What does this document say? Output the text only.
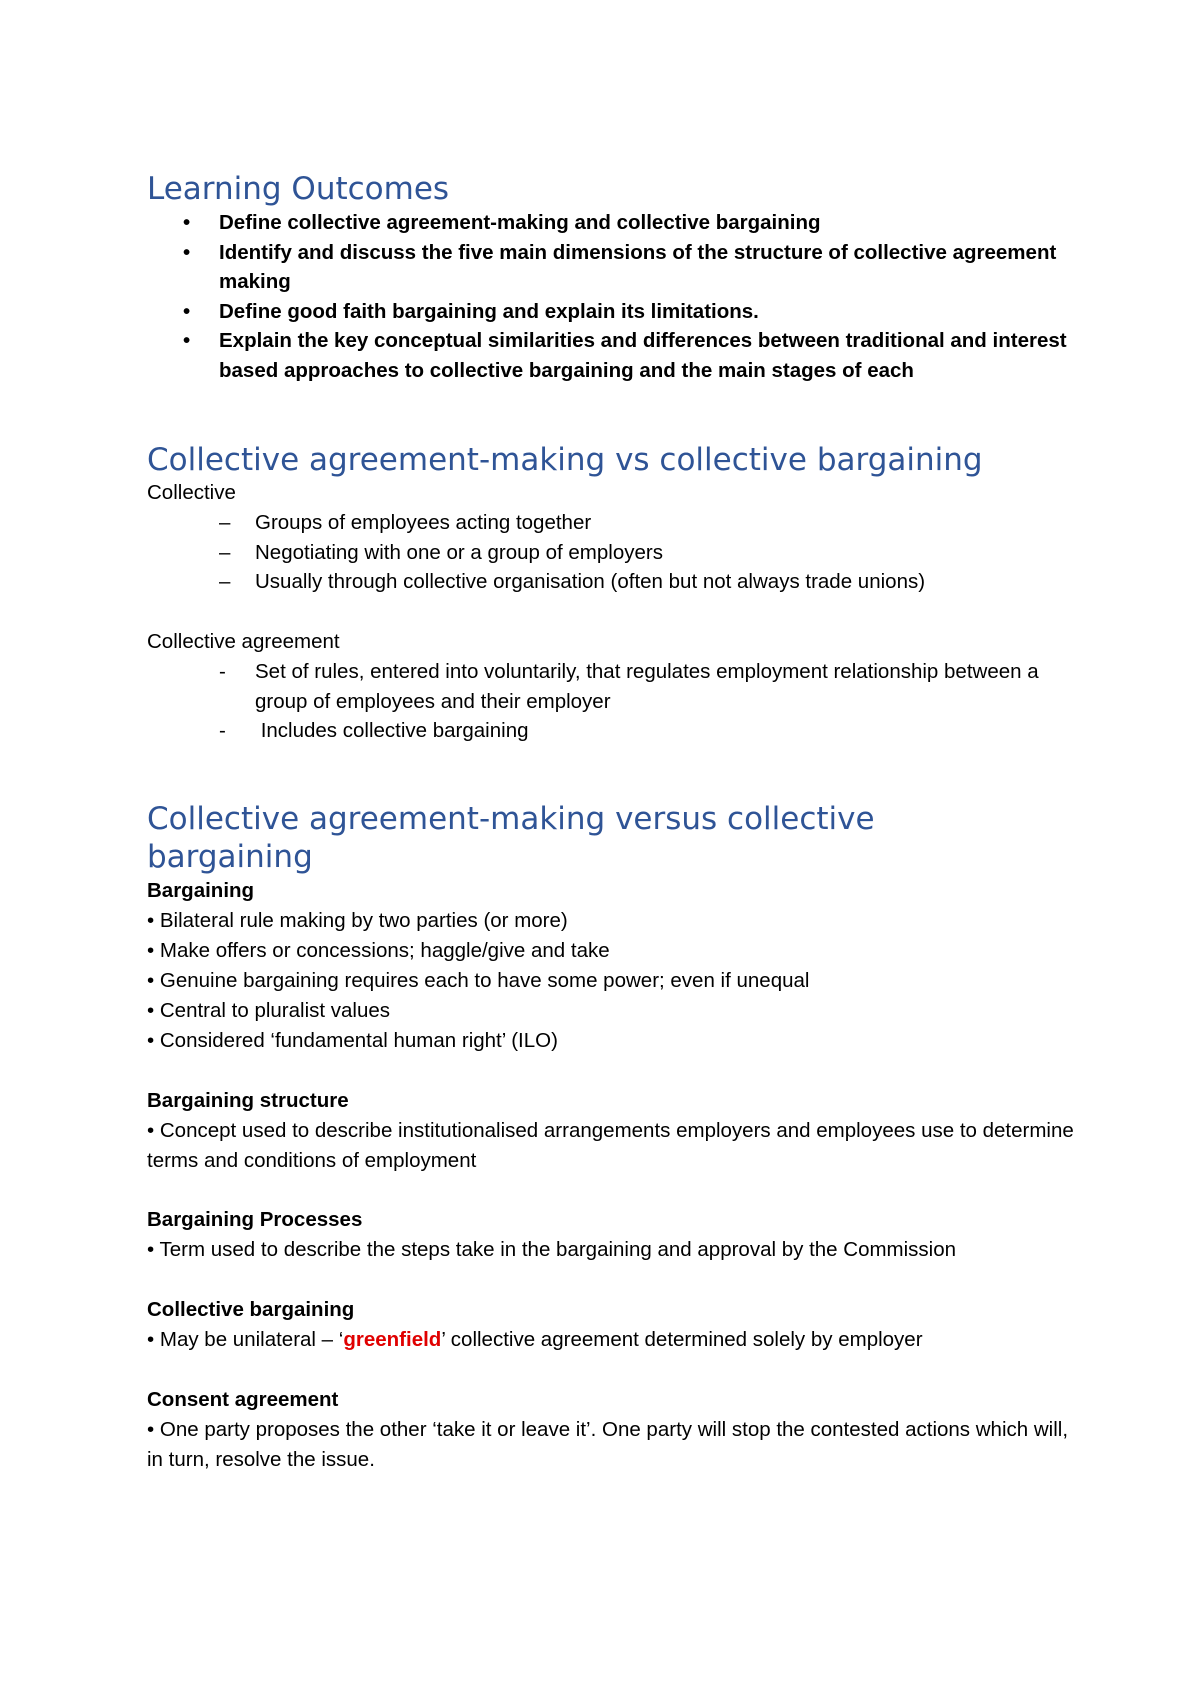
Learning Outcomes
• Define collective agreement-making and collective bargaining
• Identify and discuss the five main dimensions of the structure of collective agreement making
• Define good faith bargaining and explain its limitations.
• Explain the key conceptual similarities and differences between traditional and interest based approaches to collective bargaining and the main stages of each
Collective agreement-making vs collective bargaining

Collective

– Groups of employees acting together
– Negotiating with one or a group of employers
– Usually through collective organisation (often but not always trade unions)

Collective agreement

- Set of rules, entered into voluntarily, that regulates employment relationship between a group of employees and their employer
- Includes collective bargaining
Collective agreement-making versus collective bargaining

Bargaining

• Bilateral rule making by two parties (or more)

• Make offers or concessions; haggle/give and take

• Genuine bargaining requires each to have some power; even if unequal

• Central to pluralist values

• Considered ‘fundamental human right’ (ILO)

Bargaining structure

• Concept used to describe institutionalised arrangements employers and employees use to determine terms and conditions of employment

Bargaining Processes

• Term used to describe the steps take in the bargaining and approval by the Commission

Collective bargaining

• May be unilateral – ‘greenfield’ collective agreement determined solely by employer

Consent agreement

• One party proposes the other ‘take it or leave it’. One party will stop the contested actions which will, in turn, resolve the issue.
